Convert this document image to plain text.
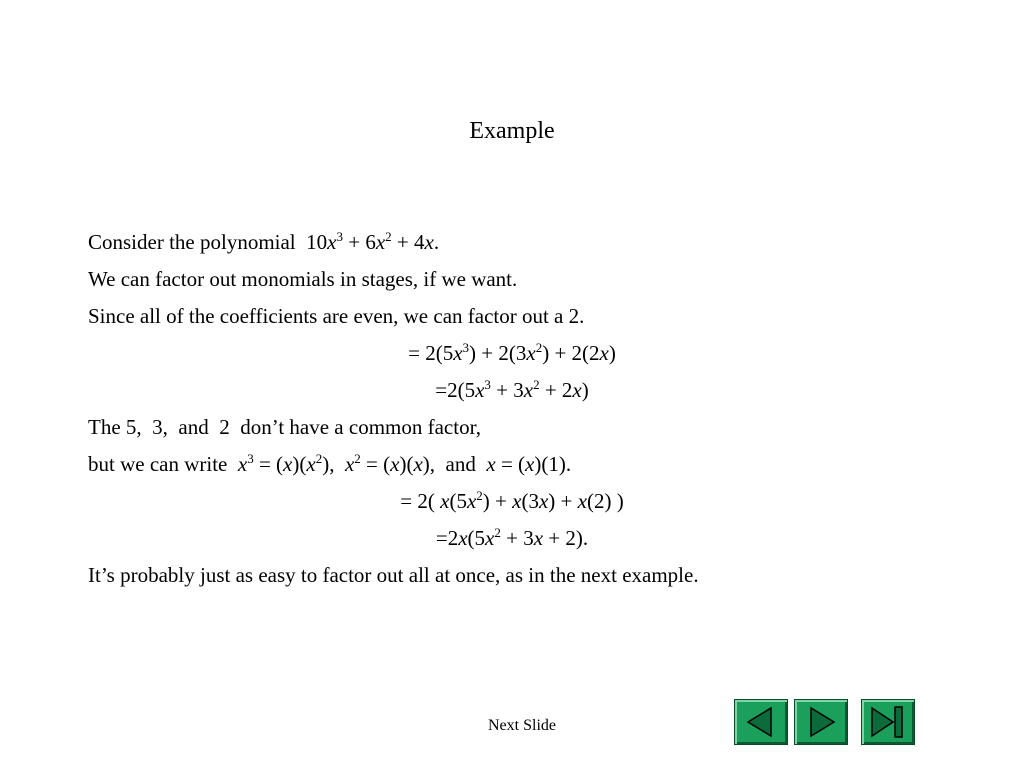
Example
Consider the polynomial  $10x^3 + 6x^2 + 4x$.
We can factor out monomials in stages, if we want.
Since all of the coefficients are even, we can factor out a 2.
= $2(5x^3) + 2(3x^2) + 2(2x)$
$=2(5x^3 + 3x^2 + 2x)$
The 5,  3,  and  2  don’t have a common factor,
but we can write  $x^3 = (x)(x^2)$,  $x^2 = (x)(x)$,  and  x = (x)(1).
= 2( $x(5x^2) + x(3x) + x(2)$ )
$=2x(5x^2 + 3x + 2)$.
It’s probably just as easy to factor out all at once, as in the next example.
Next Slide
